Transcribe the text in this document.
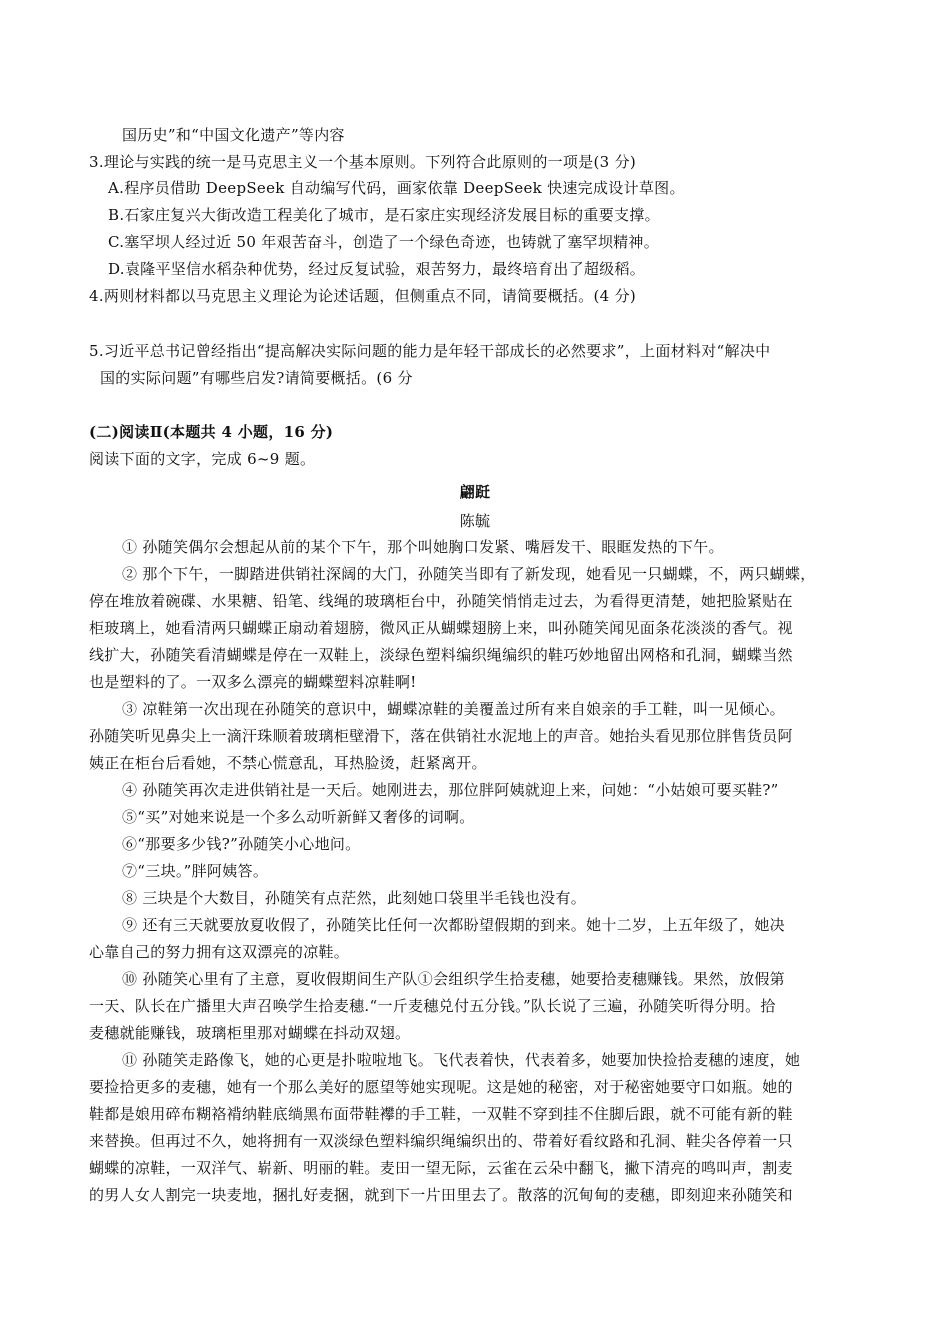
国历史”和“中国文化遗产”等内容
3.理论与实践的统一是马克思主义一个基本原则。下列符合此原则的一项是(3 分)
A.程序员借助 DeepSeek 自动编写代码，画家依靠 DeepSeek 快速完成设计草图。
B.石家庄复兴大街改造工程美化了城市，是石家庄实现经济发展目标的重要支撑。
C.塞罕坝人经过近 50 年艰苦奋斗，创造了一个绿色奇迹，也铸就了塞罕坝精神。
D.袁隆平坚信水稻杂种优势，经过反复试验，艰苦努力，最终培育出了超级稻。
4.两则材料都以马克思主义理论为论述话题，但侧重点不同，请简要概括。(4 分)
5.习近平总书记曾经指出“提高解决实际问题的能力是年轻干部成长的必然要求”，上面材料对“解决中
国的实际问题”有哪些启发?请简要概括。(6 分
(二)阅读Ⅱ(本题共 4 小题，16 分)
阅读下面的文字，完成 6~9 题。
翩跹
陈毓
① 孙随笑偶尔会想起从前的某个下午，那个叫她胸口发紧、嘴唇发干、眼眶发热的下午。
② 那个下午，一脚踏进供销社深阔的大门，孙随笑当即有了新发现，她看见一只蝴蝶，不，两只蝴蝶，
停在堆放着碗碟、水果糖、铅笔、线绳的玻璃柜台中，孙随笑悄悄走过去，为看得更清楚，她把脸紧贴在
柜玻璃上，她看清两只蝴蝶正扇动着翅膀，微风正从蝴蝶翅膀上来，叫孙随笑闻见面条花淡淡的香气。视
线扩大，孙随笑看清蝴蝶是停在一双鞋上，淡绿色塑料编织绳编织的鞋巧妙地留出网格和孔洞，蝴蝶当然
也是塑料的了。一双多么漂亮的蝴蝶塑料凉鞋啊!
③ 凉鞋第一次出现在孙随笑的意识中，蝴蝶凉鞋的美覆盖过所有来自娘亲的手工鞋，叫一见倾心。
孙随笑听见鼻尖上一滴汗珠顺着玻璃柜壁滑下，落在供销社水泥地上的声音。她抬头看见那位胖售货员阿
姨正在柜台后看她，不禁心慌意乱，耳热脸烫，赶紧离开。
④ 孙随笑再次走进供销社是一天后。她刚进去，那位胖阿姨就迎上来，问她：“小姑娘可要买鞋?”
⑤“买”对她来说是一个多么动听新鲜又奢侈的词啊。
⑥“那要多少钱?”孙随笑小心地问。
⑦“三块。”胖阿姨答。
⑧ 三块是个大数目，孙随笑有点茫然，此刻她口袋里半毛钱也没有。
⑨ 还有三天就要放夏收假了，孙随笑比任何一次都盼望假期的到来。她十二岁，上五年级了，她决
心靠自己的努力拥有这双漂亮的凉鞋。
⑩ 孙随笑心里有了主意，夏收假期间生产队①会组织学生拾麦穗，她要拾麦穗赚钱。果然，放假第
一天、队长在广播里大声召唤学生拾麦穗.“一斤麦穗兑付五分钱。”队长说了三遍，孙随笑听得分明。拾
麦穗就能赚钱，玻璃柜里那对蝴蝶在抖动双翅。
⑪ 孙随笑走路像飞，她的心更是扑啦啦地飞。飞代表着快，代表着多，她要加快捡拾麦穗的速度，她
要捡拾更多的麦穗，她有一个那么美好的愿望等她实现呢。这是她的秘密，对于秘密她要守口如瓶。她的
鞋都是娘用碎布糊袼褙纳鞋底绱黑布面带鞋襻的手工鞋，一双鞋不穿到挂不住脚后跟，就不可能有新的鞋
来替换。但再过不久，她将拥有一双淡绿色塑料编织绳编织出的、带着好看纹路和孔洞、鞋尖各停着一只
蝴蝶的凉鞋，一双洋气、崭新、明丽的鞋。麦田一望无际，云雀在云朵中翻飞，撇下清亮的鸣叫声，割麦
的男人女人割完一块麦地，捆扎好麦捆，就到下一片田里去了。散落的沉甸甸的麦穗，即刻迎来孙随笑和
